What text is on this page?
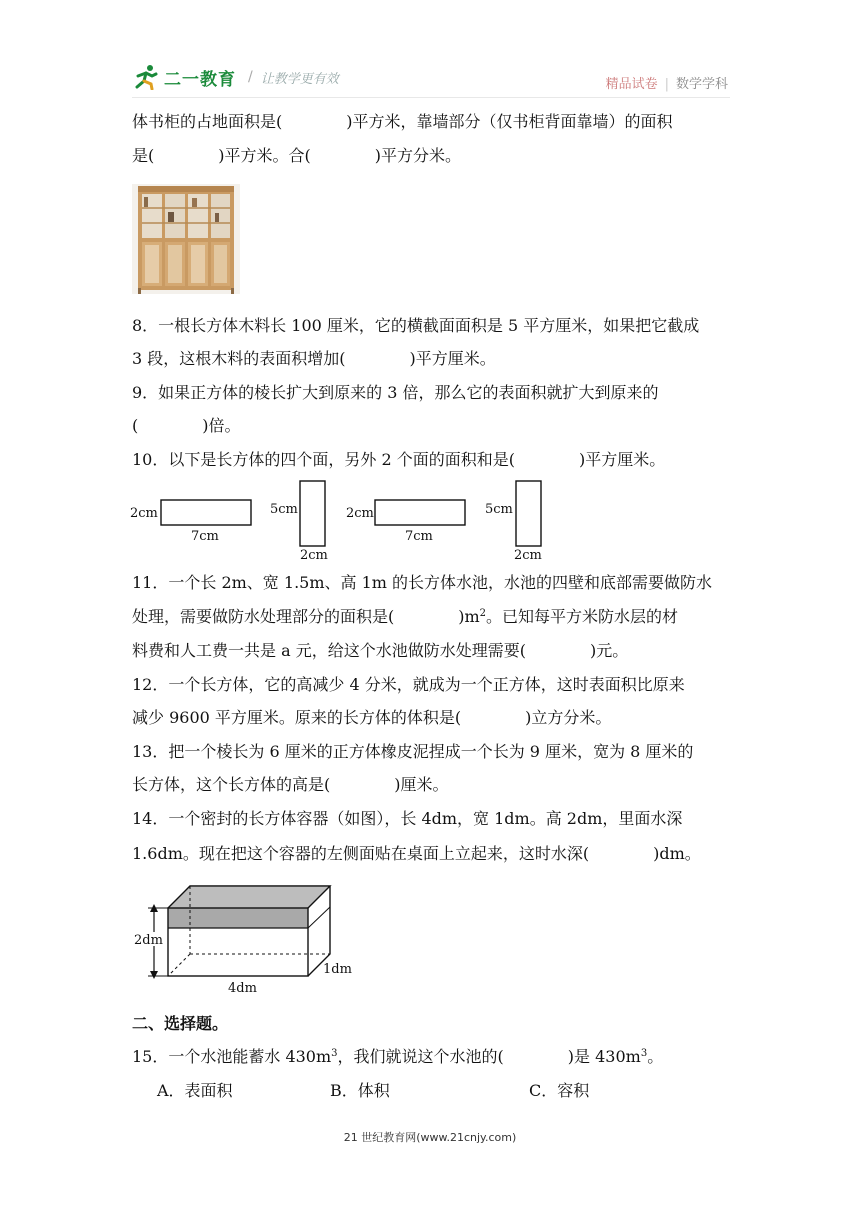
二一教育 / 让教学更有效	精品试卷 | 数学学科
体书柜的占地面积是(　　　　)平方米，靠墙部分（仅书柜背面靠墙）的面积
是(　　　　)平方米。合(　　　　)平方分米。
8．一根长方体木料长 100 厘米，它的横截面面积是 5 平方厘米，如果把它截成
3 段，这根木料的表面积增加(　　　　)平方厘米。
9．如果正方体的棱长扩大到原来的 3 倍，那么它的表面积就扩大到原来的
(　　　　)倍。
10．以下是长方体的四个面，另外 2 个面的面积和是(　　　　)平方厘米。
2cm
7cm
5cm
2cm
2cm
7cm
5cm
2cm
11．一个长 2m、宽 1.5m、高 1m 的长方体水池，水池的四壁和底部需要做防水
处理，需要做防水处理部分的面积是(　　　　)$m^2$。已知每平方米防水层的材
料费和人工费一共是 a 元，给这个水池做防水处理需要(　　　　)元。
12．一个长方体，它的高减少 4 分米，就成为一个正方体，这时表面积比原来
减少 9600 平方厘米。原来的长方体的体积是(　　　　)立方分米。
13．把一个棱长为 6 厘米的正方体橡皮泥捏成一个长为 9 厘米，宽为 8 厘米的
长方体，这个长方体的高是(　　　　)厘米。
14．一个密封的长方体容器（如图），长 4dm，宽 1dm。高 2dm，里面水深
1.6dm。现在把这个容器的左侧面贴在桌面上立起来，这时水深(　　　　)dm。
2dm
4dm
1dm
二、选择题。
15．一个水池能蓄水 $430m^3$，我们就说这个水池的(　　　　)是 $430m^3$。
A．表面积	B．体积	C．容积
21 世纪教育网(www.21cnjy.com)
